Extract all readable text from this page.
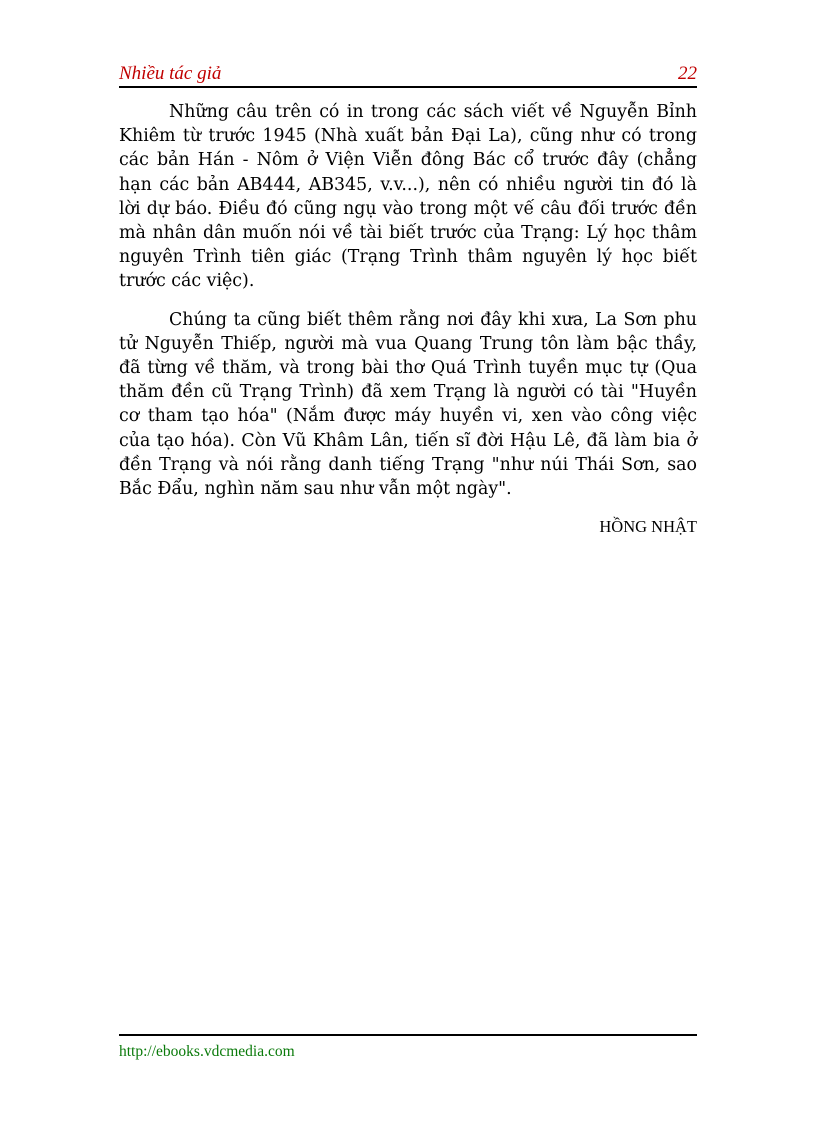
Nhiều tác giả	22

Những câu trên có in trong các sách viết về Nguyễn Bỉnh Khiêm từ trước 1945 (Nhà xuất bản Đại La), cũng như có trong các bản Hán - Nôm ở Viện Viễn đông Bác cổ trước đây (chẳng hạn các bản AB444, AB345, v.v...), nên có nhiều người tin đó là lời dự báo. Điều đó cũng ngụ vào trong một vế câu đối trước đền mà nhân dân muốn nói về tài biết trước của Trạng: Lý học thâm nguyên Trình tiên giác (Trạng Trình thâm nguyên lý học biết trước các việc).

Chúng ta cũng biết thêm rằng nơi đây khi xưa, La Sơn phu tử Nguyễn Thiếp, người mà vua Quang Trung tôn làm bậc thầy, đã từng về thăm, và trong bài thơ Quá Trình tuyền mục tự (Qua thăm đền cũ Trạng Trình) đã xem Trạng là người có tài "Huyền cơ tham tạo hóa" (Nắm được máy huyền vi, xen vào công việc của tạo hóa). Còn Vũ Khâm Lân, tiến sĩ đời Hậu Lê, đã làm bia ở đền Trạng và nói rằng danh tiếng Trạng "như núi Thái Sơn, sao Bắc Đẩu, nghìn năm sau như vẫn một ngày".

HỒNG NHẬT
http://ebooks.vdcmedia.com
